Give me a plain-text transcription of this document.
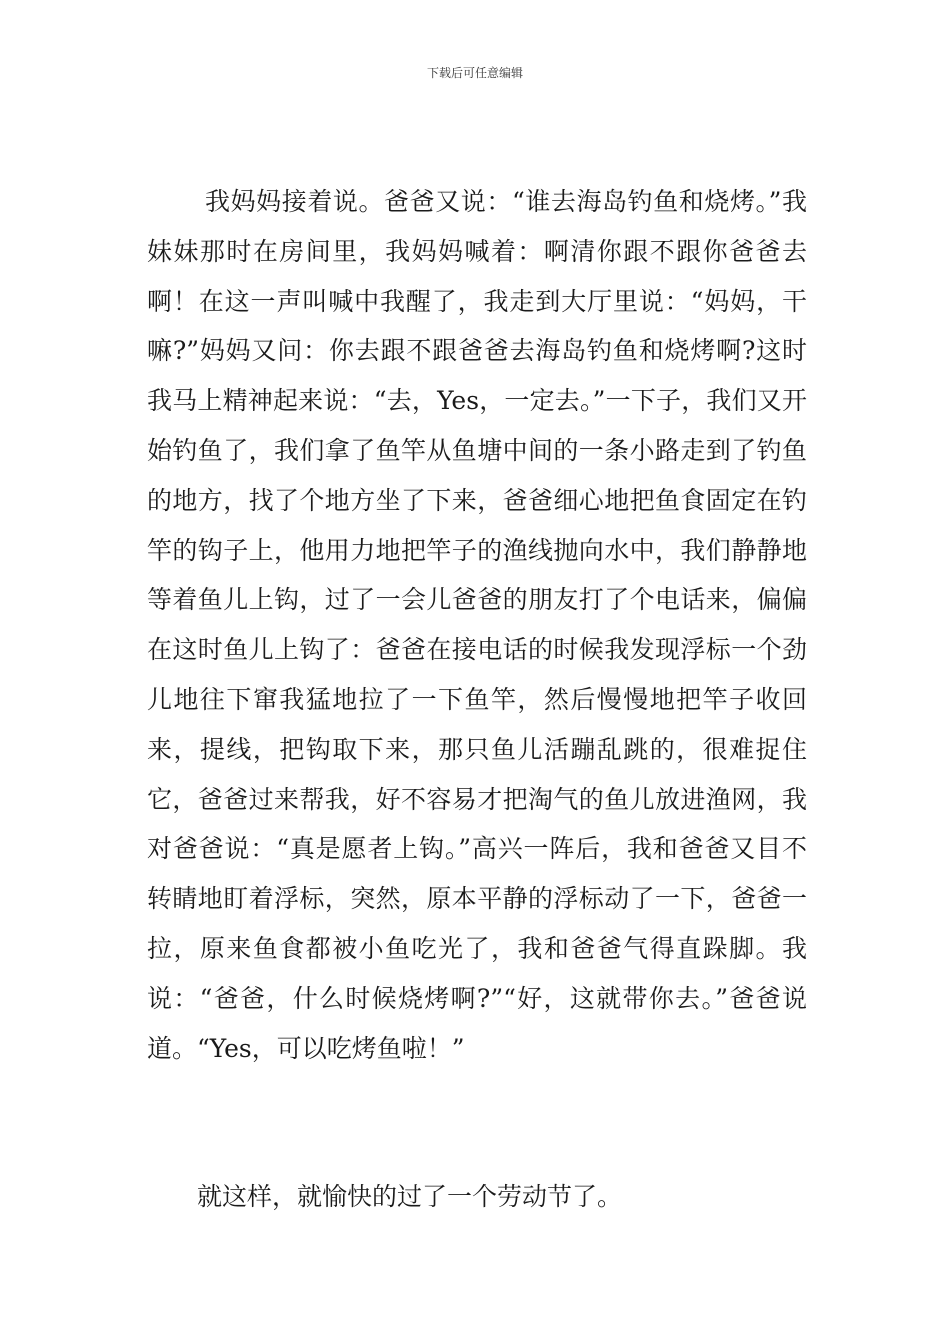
下载后可任意编辑

我妈妈接着说。爸爸又说：“谁去海岛钓鱼和烧烤。”我妹妹那时在房间里，我妈妈喊着：啊清你跟不跟你爸爸去啊！在这一声叫喊中我醒了，我走到大厅里说：“妈妈，干嘛?”妈妈又问：你去跟不跟爸爸去海岛钓鱼和烧烤啊?这时我马上精神起来说：“去，Yes，一定去。”一下子，我们又开始钓鱼了，我们拿了鱼竿从鱼塘中间的一条小路走到了钓鱼的地方，找了个地方坐了下来，爸爸细心地把鱼食固定在钓竿的钩子上，他用力地把竿子的渔线抛向水中，我们静静地等着鱼儿上钩，过了一会儿爸爸的朋友打了个电话来，偏偏在这时鱼儿上钩了：爸爸在接电话的时候我发现浮标一个劲儿地往下窜我猛地拉了一下鱼竿，然后慢慢地把竿子收回来，提线，把钩取下来，那只鱼儿活蹦乱跳的，很难捉住它，爸爸过来帮我，好不容易才把淘气的鱼儿放进渔网，我对爸爸说：“真是愿者上钩。”高兴一阵后，我和爸爸又目不转睛地盯着浮标，突然，原本平静的浮标动了一下，爸爸一拉，原来鱼食都被小鱼吃光了，我和爸爸气得直跺脚。我说：“爸爸，什么时候烧烤啊?”“好，这就带你去。”爸爸说道。“Yes，可以吃烤鱼啦！”

就这样，就愉快的过了一个劳动节了。
